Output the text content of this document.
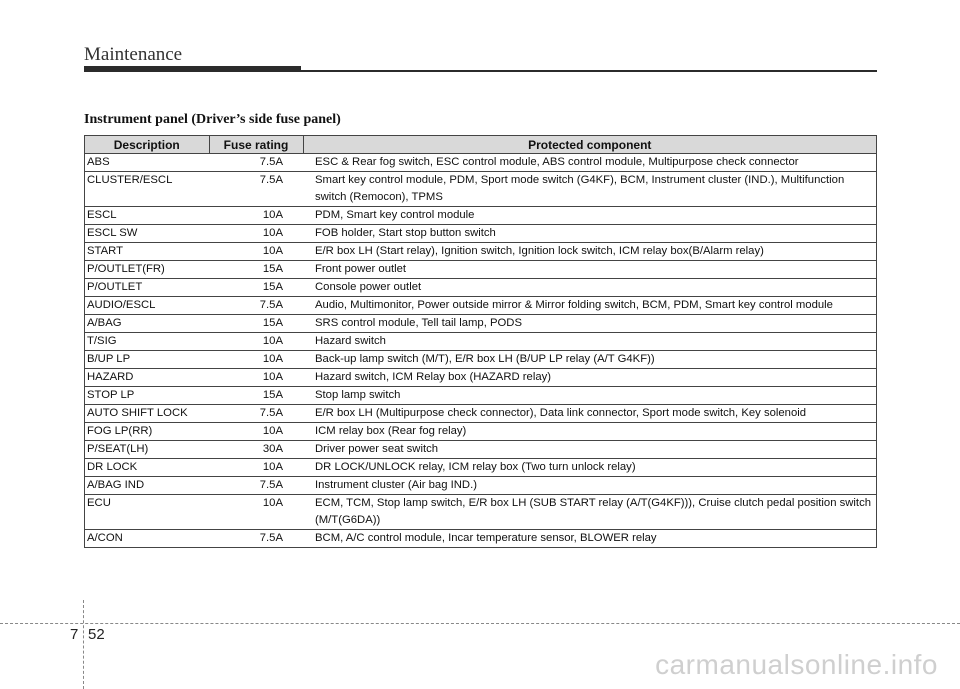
Maintenance
Instrument panel (Driver’s side fuse panel)
Description	Fuse rating	Protected component
ABS	7.5A	ESC & Rear fog switch, ESC control module, ABS control module, Multipurpose check connector
CLUSTER/ESCL	7.5A	Smart key control module, PDM, Sport mode switch (G4KF), BCM, Instrument cluster (IND.), Multifunction switch (Remocon), TPMS
ESCL	10A	PDM, Smart key control module
ESCL SW	10A	FOB holder, Start stop button switch
START	10A	E/R box LH (Start relay), Ignition switch, Ignition lock switch, ICM relay box(B/Alarm relay)
P/OUTLET(FR)	15A	Front power outlet
P/OUTLET	15A	Console power outlet
AUDIO/ESCL	7.5A	Audio, Multimonitor, Power outside mirror & Mirror folding switch, BCM, PDM, Smart key control module
A/BAG	15A	SRS control module, Tell tail lamp, PODS
T/SIG	10A	Hazard switch
B/UP LP	10A	Back-up lamp switch (M/T), E/R box LH (B/UP LP relay (A/T G4KF))
HAZARD	10A	Hazard switch, ICM Relay box (HAZARD relay)
STOP LP	15A	Stop lamp switch
AUTO SHIFT LOCK	7.5A	E/R box LH (Multipurpose check connector), Data link connector, Sport mode switch, Key solenoid
FOG LP(RR)	10A	ICM relay box (Rear fog relay)
P/SEAT(LH)	30A	Driver power seat switch
DR LOCK	10A	DR LOCK/UNLOCK relay, ICM relay box (Two turn unlock relay)
A/BAG IND	7.5A	Instrument cluster (Air bag IND.)
ECU	10A	ECM, TCM, Stop lamp switch, E/R box LH (SUB START relay (A/T(G4KF))), Cruise clutch pedal position switch (M/T(G6DA))
A/CON	7.5A	BCM, A/C control module, Incar temperature sensor, BLOWER relay
7 52
carmanualsonline.info
